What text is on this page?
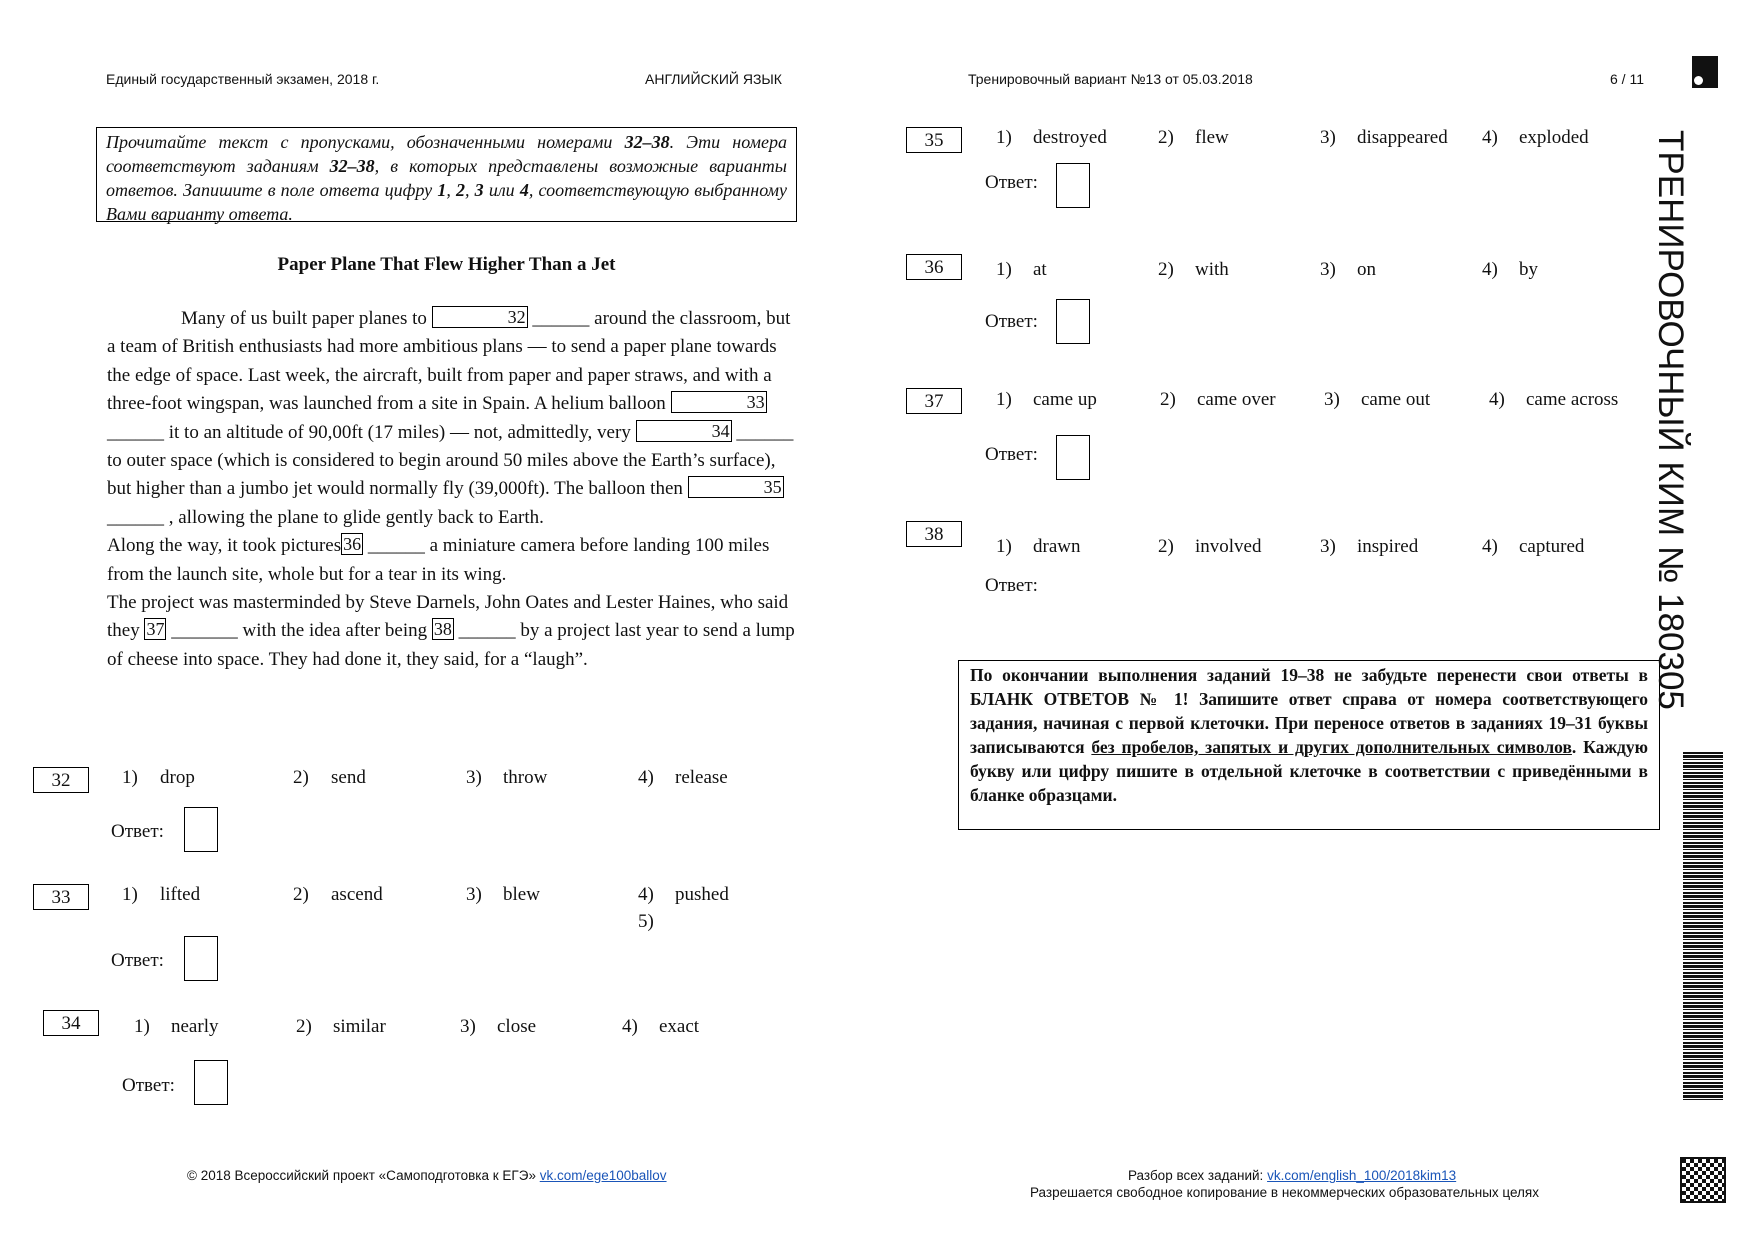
Единый государственный экзамен, 2018 г.	АНГЛИЙСКИЙ ЯЗЫК	Тренировочный вариант №13 от 05.03.2018	6 / 11
Прочитайте текст с пропусками, обозначенными номерами 32–38. Эти номера соответствуют заданиям 32–38, в которых представлены возможные варианты ответов. Запишите в поле ответа цифру 1, 2, 3 или 4, соответствующую выбранному Вами варианту ответа.
Paper Plane That Flew Higher Than a Jet

Many of us built paper planes to	32 ______ around the classroom, but a team of British enthusiasts had more ambitious plans — to send a paper plane towards the edge of space. Last week, the aircraft, built from paper and paper straws, and with a three-foot wingspan, was launched from a site in Spain. A helium balloon	33 ______ it to an altitude of 90,00ft (17 miles) — not, admittedly, very	34 ______ to outer space (which is considered to begin around 50 miles above the Earth’s surface), but higher than a jumbo jet would normally fly (39,000ft). The balloon then	35 ______ , allowing the plane to glide gently back to Earth.

Along the way, it took pictures 36 ______ a miniature camera before landing 100 miles from the launch site, whole but for a tear in its wing.

The project was masterminded by Steve Darnels, John Oates and Lester Haines, who said they 37 _______ with the idea after being 38 ______ by a project last year to send a lump of cheese into space. They had done it, they said, for a “laugh”.

32	1) drop	2) send	3) throw	4) release
Ответ:
33	1) lifted	2) ascend	3) blew	4) pushed
5)
Ответ:
34	1) nearly	2) similar	3) close	4) exact
Ответ:
35	1) destroyed	2) flew	3) disappeared 4) exploded
Ответ:
36	1) at	2) with	3) on	4) by
Ответ:
37	1) came up	2) came over	3) came out	4) came across
Ответ:
38
1) drawn	2) involved	3) inspired	4) captured
Ответ:
По окончании выполнения заданий 19–38 не забудьте перенести свои ответы в БЛАНК ОТВЕТОВ № 1! Запишите ответ справа от номера соответствующего задания, начиная с первой клеточки. При переносе ответов в заданиях 19–31 буквы записываются без пробелов, запятых и других дополнительных символов. Каждую букву или цифру пишите в отдельной клеточке в соответствии с приведёнными в бланке образцами.
ТРЕНИРОВОЧНЫЙ КИМ № 180305
© 2018 Всероссийский проект «Самоподготовка к ЕГЭ» vk.com/ege100ballov	Разбор всех заданий: vk.com/english_100/2018kim13
Разрешается свободное копирование в некоммерческих образовательных целях
